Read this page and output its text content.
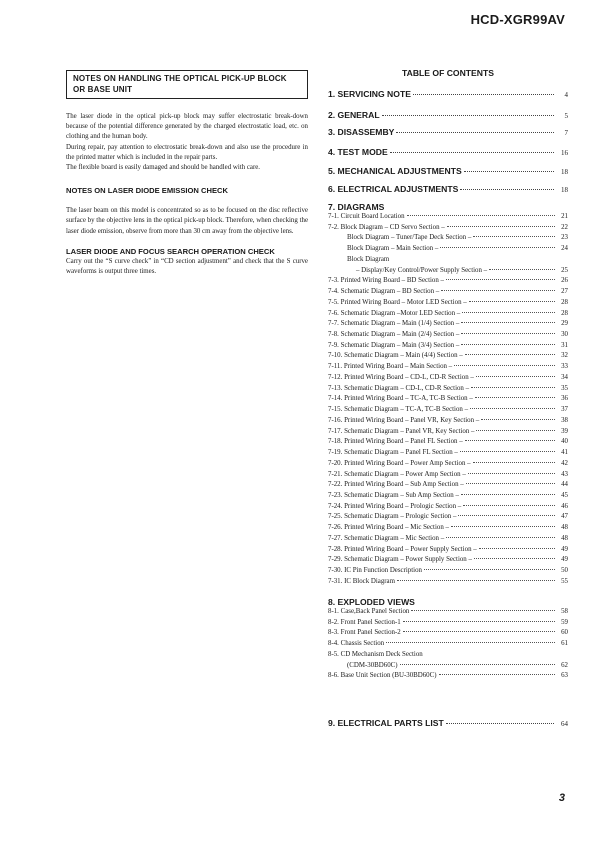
HCD-XGR99AV
NOTES ON HANDLING THE OPTICAL PICK-UP BLOCK OR BASE UNIT

The laser diode in the optical pick-up block may suffer electrostatic break-down because of the potential difference generated by the charged electrostatic load, etc. on clothing and the human body.

During repair, pay attention to electrostatic break-down and also use the procedure in the printed matter which is included in the repair parts.

The flexible board is easily damaged and should be handled with care.

NOTES ON LASER DIODE EMISSION CHECK

The laser beam on this model is concentrated so as to be focused on the disc reflective surface by the objective lens in the optical pick-up block. Therefore, when checking the laser diode emission, observe from more than 30 cm away from the objective lens.

LASER DIODE AND FOCUS SEARCH OPERATION CHECK

Carry out the “S curve check” in “CD section adjustment” and check that the S curve waveforms is output three times.

TABLE OF CONTENTS
1. SERVICING NOTE	4
2. GENERAL	5
3. DISASSEMBY	7
4. TEST MODE	16
5. MECHANICAL ADJUSTMENTS	18
6. ELECTRICAL ADJUSTMENTS	18
7. DIAGRAMS
7-1. Circuit Board Location	21
7-2. Block Diagram – CD Servo Section –	22
Block Diagram – Tuner/Tape Deck Section –	23
Block Diagram – Main Section –	24
Block Diagram
– Display/Key Control/Power Supply Section –	25
7-3. Printed Wiring Board – BD Section –	26
7-4. Schematic Diagram – BD Section –	27
7-5. Printed Wiring Board – Motor LED Section –	28
7-6. Schematic Diagram –Motor LED Section –	28
7-7. Schematic Diagram – Main (1/4) Section –	29
7-8. Schematic Diagram – Main (2/4) Section –	30
7-9. Schematic Diagram – Main (3/4) Section –	31
7-10. Schematic Diagram – Main (4/4) Section –	32
7-11. Printed Wiring Board – Main Section –	33
7-12. Printed Wiring Board – CD-L, CD-R Section –	34
7-13. Schematic Diagram – CD-L, CD-R Section –	35
7-14. Printed Wiring Board – TC-A, TC-B Section –	36
7-15. Schematic Diagram – TC-A, TC-B Section –	37
7-16. Printed Wiring Board – Panel VR, Key Section –	38
7-17. Schematic Diagram – Panel VR, Key Section –	39
7-18. Printed Wiring Board – Panel FL Section –	40
7-19. Schematic Diagram – Panel FL Section –	41
7-20. Printed Wiring Board – Power Amp Section –	42
7-21. Schematic Diagram – Power Amp Section –	43
7-22. Printed Wiring Board – Sub Amp Section –	44
7-23. Schematic Diagram – Sub Amp Section –	45
7-24. Printed Wiring Board – Prologic Section –	46
7-25. Schematic Diagram – Prologic Section –	47
7-26. Printed Wiring Board – Mic Section –	48
7-27. Schematic Diagram – Mic Section –	48
7-28. Printed Wiring Board – Power Supply Section –	49
7-29. Schematic Diagram – Power Supply Section –	49
7-30. IC Pin Function Description	50
7-31. IC Block Diagram	55
8. EXPLODED VIEWS
8-1. Case,Back Panel Section	58
8-2. Front Panel Section-1	59
8-3. Front Panel Section-2	60
8-4. Chassis Section	61
8-5. CD Mechanism Deck Section
(CDM-30BD60C)	62
8-6. Base Unit Section (BU-30BD60C)	63
9. ELECTRICAL PARTS LIST	64
3
